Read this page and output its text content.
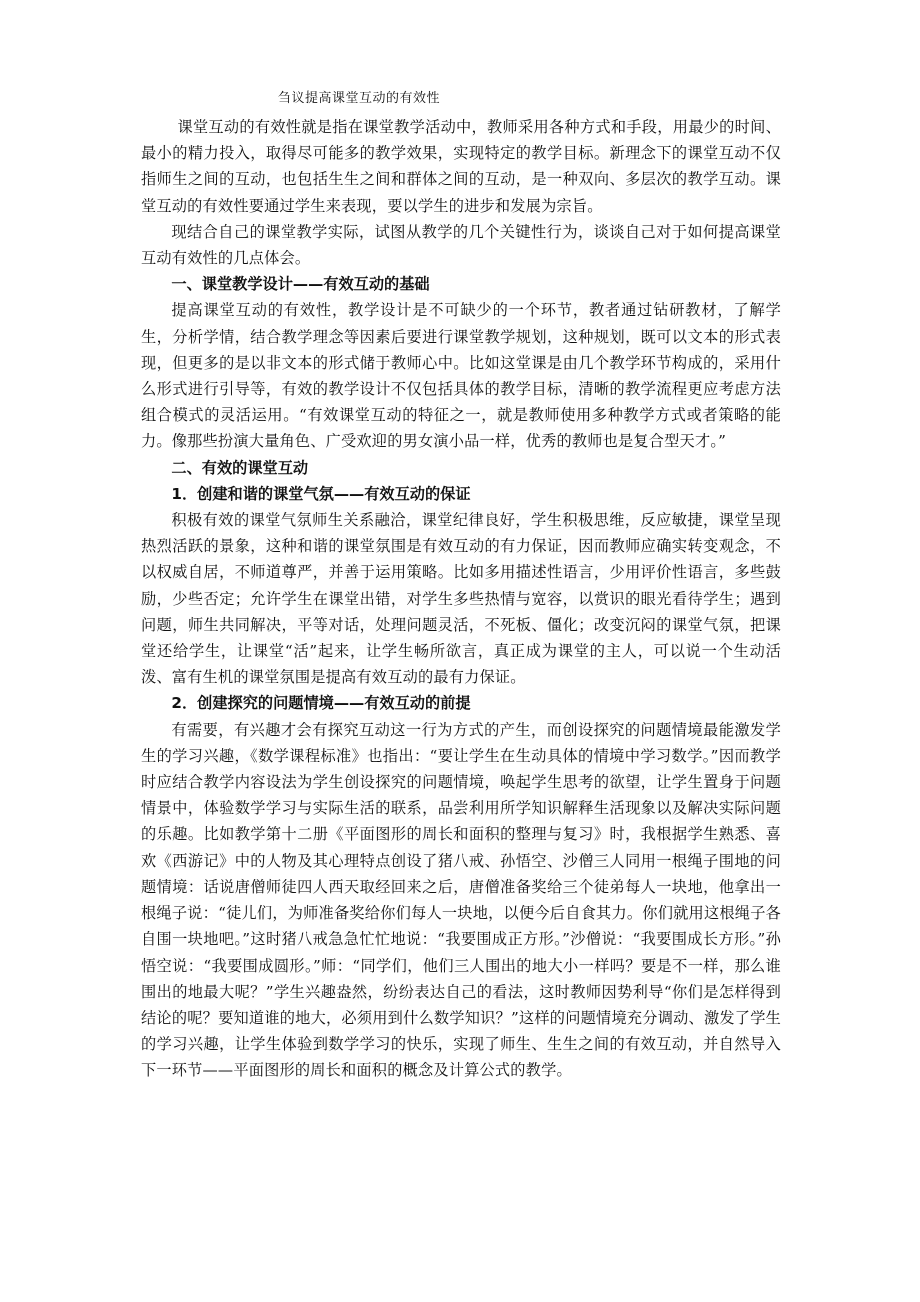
刍议提高课堂互动的有效性

课堂互动的有效性就是指在课堂教学活动中，教师采用各种方式和手段，用最少的时间、最小的精力投入，取得尽可能多的教学效果，实现特定的教学目标。新理念下的课堂互动不仅指师生之间的互动，也包括生生之间和群体之间的互动，是一种双向、多层次的教学互动。课堂互动的有效性要通过学生来表现，要以学生的进步和发展为宗旨。

现结合自己的课堂教学实际，试图从教学的几个关键性行为，谈谈自己对于如何提高课堂互动有效性的几点体会。

一、课堂教学设计——有效互动的基础

提高课堂互动的有效性，教学设计是不可缺少的一个环节，教者通过钻研教材，了解学生，分析学情，结合教学理念等因素后要进行课堂教学规划，这种规划，既可以文本的形式表现，但更多的是以非文本的形式储于教师心中。比如这堂课是由几个教学环节构成的，采用什么形式进行引导等，有效的教学设计不仅包括具体的教学目标，清晰的教学流程更应考虑方法组合模式的灵活运用。“有效课堂互动的特征之一，就是教师使用多种教学方式或者策略的能力。像那些扮演大量角色、广受欢迎的男女演小品一样，优秀的教师也是复合型天才。”

二、有效的课堂互动

1．创建和谐的课堂气氛——有效互动的保证

积极有效的课堂气氛师生关系融洽，课堂纪律良好，学生积极思维，反应敏捷，课堂呈现热烈活跃的景象，这种和谐的课堂氛围是有效互动的有力保证，因而教师应确实转变观念，不以权威自居，不师道尊严，并善于运用策略。比如多用描述性语言，少用评价性语言，多些鼓励，少些否定；允许学生在课堂出错，对学生多些热情与宽容，以赏识的眼光看待学生；遇到问题，师生共同解决，平等对话，处理问题灵活，不死板、僵化；改变沉闷的课堂气氛，把课堂还给学生，让课堂“活”起来，让学生畅所欲言，真正成为课堂的主人，可以说一个生动活泼、富有生机的课堂氛围是提高有效互动的最有力保证。

2．创建探究的问题情境——有效互动的前提

有需要，有兴趣才会有探究互动这一行为方式的产生，而创设探究的问题情境最能激发学生的学习兴趣，《数学课程标准》也指出：“要让学生在生动具体的情境中学习数学。”因而教学时应结合教学内容设法为学生创设探究的问题情境，唤起学生思考的欲望，让学生置身于问题情景中，体验数学学习与实际生活的联系，品尝利用所学知识解释生活现象以及解决实际问题的乐趣。比如教学第十二册《平面图形的周长和面积的整理与复习》时，我根据学生熟悉、喜欢《西游记》中的人物及其心理特点创设了猪八戒、孙悟空、沙僧三人同用一根绳子围地的问题情境：话说唐僧师徒四人西天取经回来之后，唐僧准备奖给三个徒弟每人一块地，他拿出一根绳子说：“徒儿们，为师准备奖给你们每人一块地，以便今后自食其力。你们就用这根绳子各自围一块地吧。”这时猪八戒急急忙忙地说：“我要围成正方形。”沙僧说：“我要围成长方形。”孙悟空说：“我要围成圆形。”师：“同学们，他们三人围出的地大小一样吗？要是不一样，那么谁围出的地最大呢？”学生兴趣盎然，纷纷表达自己的看法，这时教师因势利导“你们是怎样得到结论的呢？要知道谁的地大，必须用到什么数学知识？”这样的问题情境充分调动、激发了学生的学习兴趣，让学生体验到数学学习的快乐，实现了师生、生生之间的有效互动，并自然导入下一环节——平面图形的周长和面积的概念及计算公式的教学。
